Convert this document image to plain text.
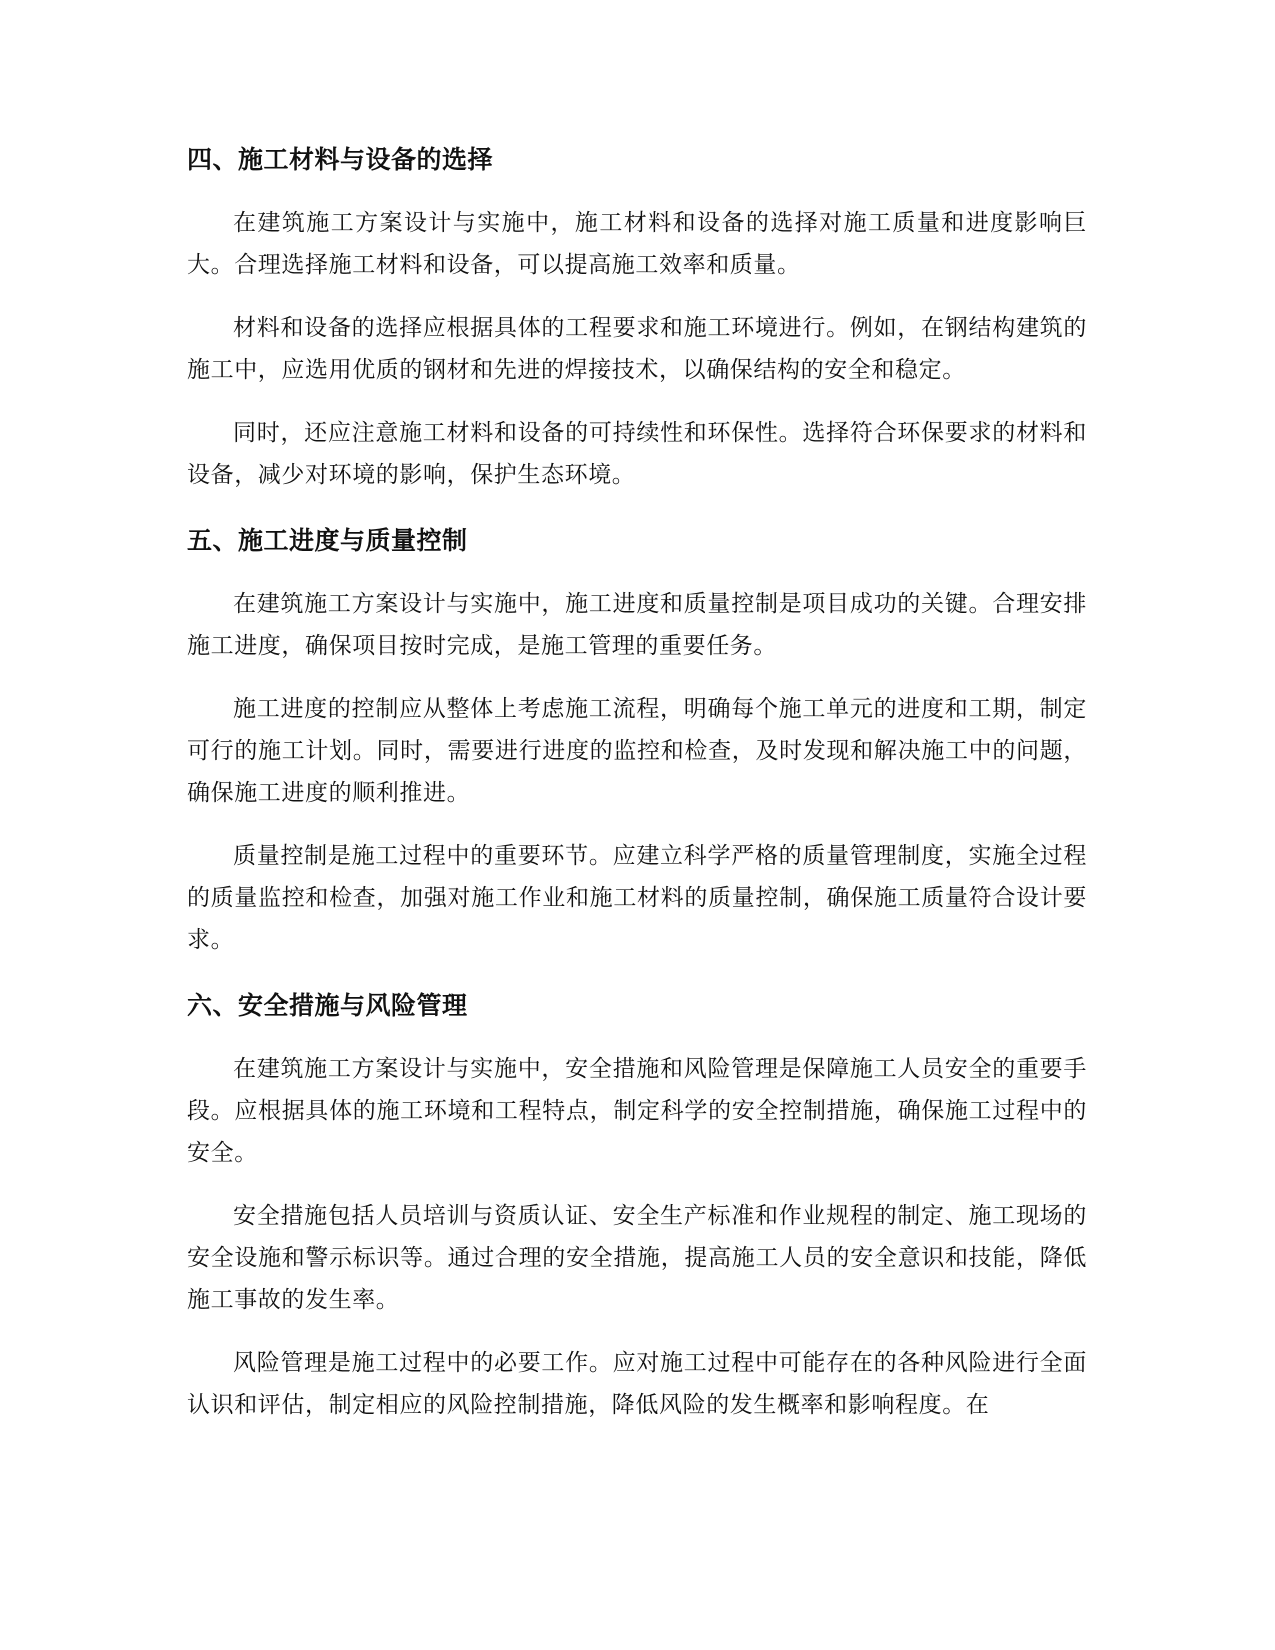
四、施工材料与设备的选择

在建筑施工方案设计与实施中，施工材料和设备的选择对施工质量和进度影响巨大。合理选择施工材料和设备，可以提高施工效率和质量。

材料和设备的选择应根据具体的工程要求和施工环境进行。例如，在钢结构建筑的施工中，应选用优质的钢材和先进的焊接技术，以确保结构的安全和稳定。

同时，还应注意施工材料和设备的可持续性和环保性。选择符合环保要求的材料和设备，减少对环境的影响，保护生态环境。

五、施工进度与质量控制

在建筑施工方案设计与实施中，施工进度和质量控制是项目成功的关键。合理安排施工进度，确保项目按时完成，是施工管理的重要任务。

施工进度的控制应从整体上考虑施工流程，明确每个施工单元的进度和工期，制定可行的施工计划。同时，需要进行进度的监控和检查，及时发现和解决施工中的问题，确保施工进度的顺利推进。

质量控制是施工过程中的重要环节。应建立科学严格的质量管理制度，实施全过程的质量监控和检查，加强对施工作业和施工材料的质量控制，确保施工质量符合设计要求。

六、安全措施与风险管理

在建筑施工方案设计与实施中，安全措施和风险管理是保障施工人员安全的重要手段。应根据具体的施工环境和工程特点，制定科学的安全控制措施，确保施工过程中的安全。

安全措施包括人员培训与资质认证、安全生产标准和作业规程的制定、施工现场的安全设施和警示标识等。通过合理的安全措施，提高施工人员的安全意识和技能，降低施工事故的发生率。

风险管理是施工过程中的必要工作。应对施工过程中可能存在的各种风险进行全面认识和评估，制定相应的风险控制措施，降低风险的发生概率和影响程度。在
